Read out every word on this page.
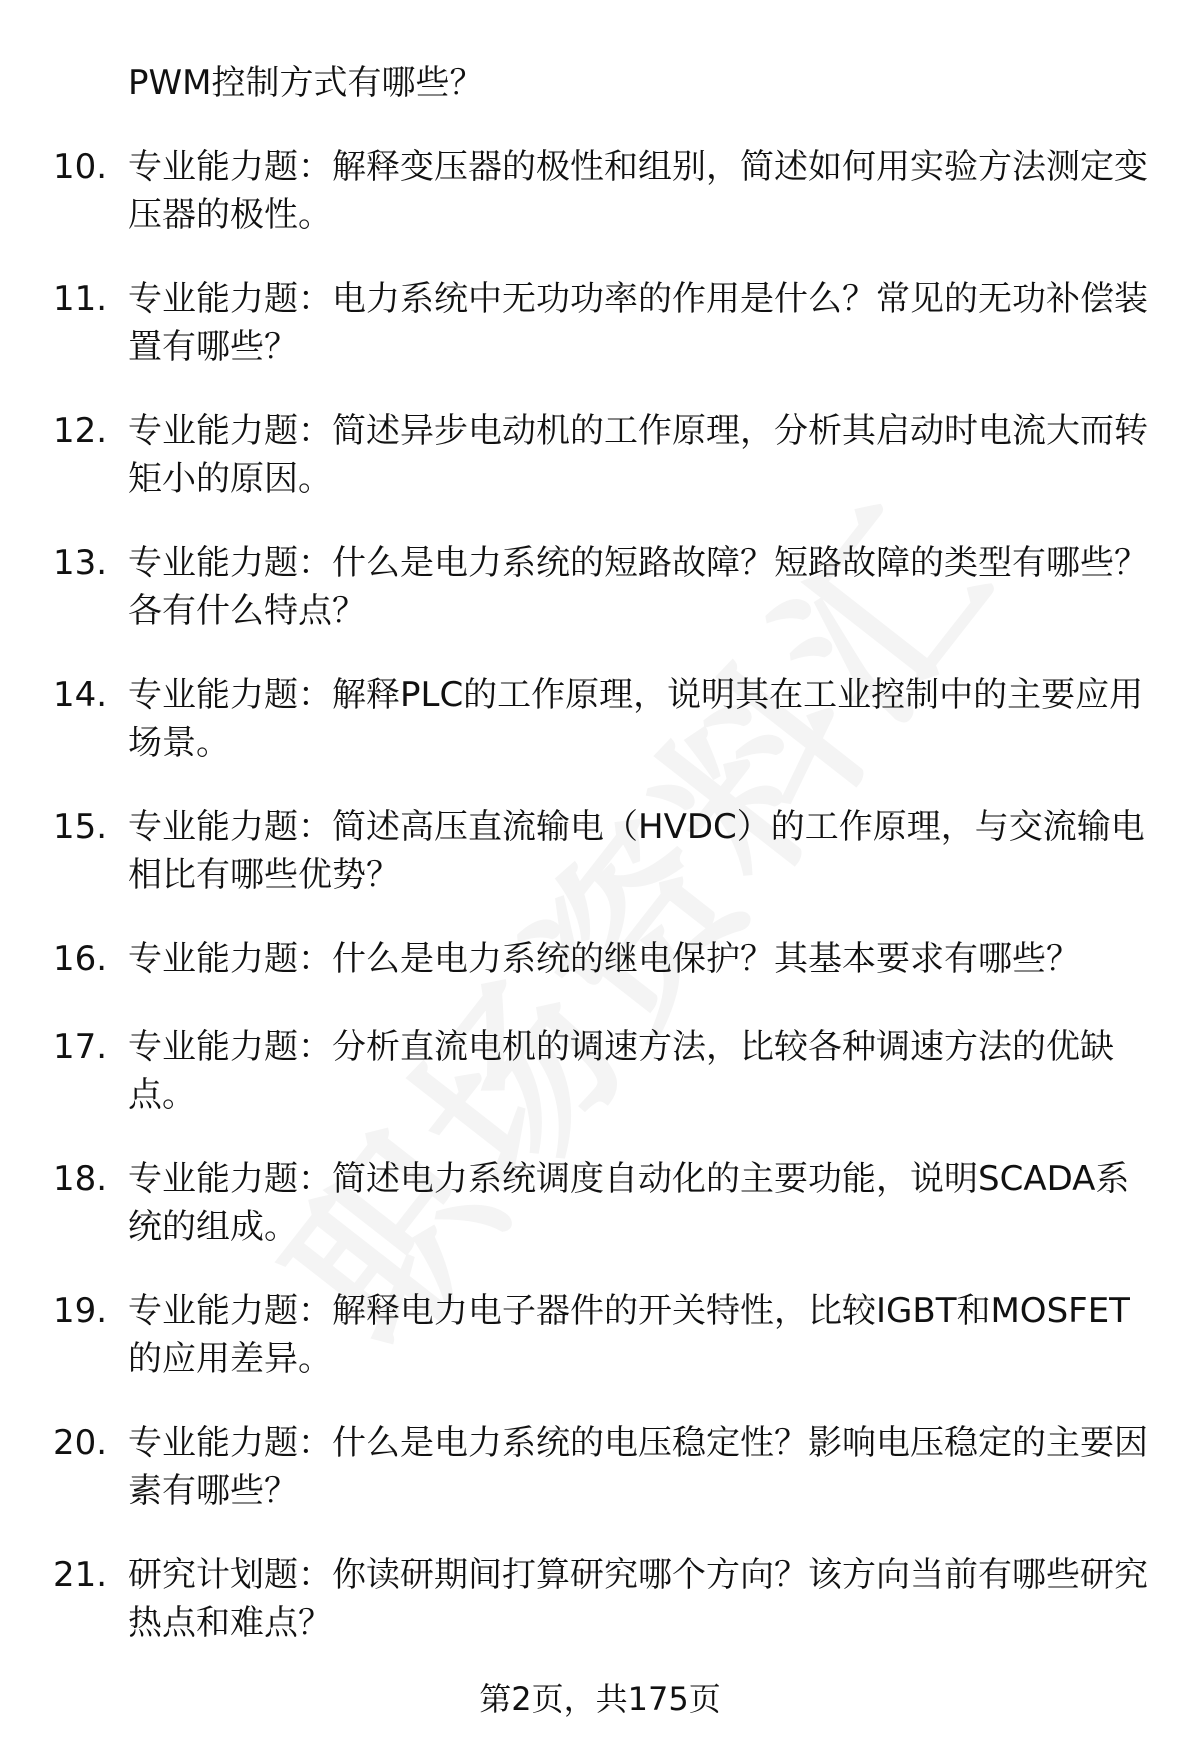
PWM控制方式有哪些？
10. 专业能力题：解释变压器的极性和组别，简述如何用实验方法测定变压器的极性。
11. 专业能力题：电力系统中无功功率的作用是什么？常见的无功补偿装置有哪些？
12. 专业能力题：简述异步电动机的工作原理，分析其启动时电流大而转矩小的原因。
13. 专业能力题：什么是电力系统的短路故障？短路故障的类型有哪些？各有什么特点？
14. 专业能力题：解释PLC的工作原理，说明其在工业控制中的主要应用场景。
15. 专业能力题：简述高压直流输电（HVDC）的工作原理，与交流输电相比有哪些优势？
16. 专业能力题：什么是电力系统的继电保护？其基本要求有哪些？
17. 专业能力题：分析直流电机的调速方法，比较各种调速方法的优缺点。
18. 专业能力题：简述电力系统调度自动化的主要功能，说明SCADA系统的组成。
19. 专业能力题：解释电力电子器件的开关特性，比较IGBT和MOSFET的应用差异。
20. 专业能力题：什么是电力系统的电压稳定性？影响电压稳定的主要因素有哪些？
21. 研究计划题：你读研期间打算研究哪个方向？该方向当前有哪些研究热点和难点？
第2页，共175页
